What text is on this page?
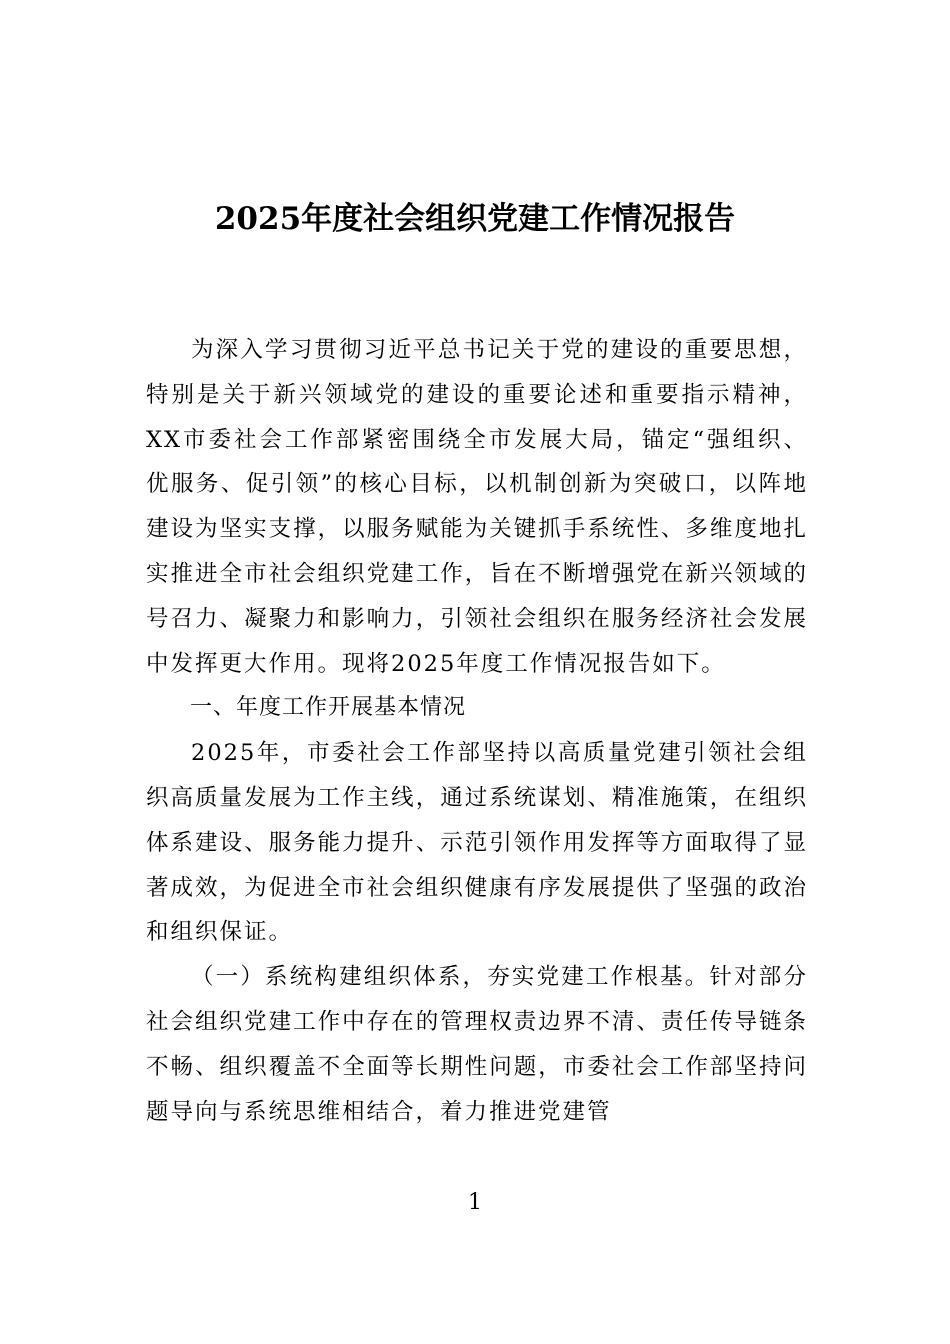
2025年度社会组织党建工作情况报告

为深入学习贯彻习近平总书记关于党的建设的重要思想，特别是关于新兴领域党的建设的重要论述和重要指示精神，XX市委社会工作部紧密围绕全市发展大局，锚定“强组织、优服务、促引领”的核心目标，以机制创新为突破口，以阵地建设为坚实支撑，以服务赋能为关键抓手系统性、多维度地扎实推进全市社会组织党建工作，旨在不断增强党在新兴领域的号召力、凝聚力和影响力，引领社会组织在服务经济社会发展中发挥更大作用。现将2025年度工作情况报告如下。

一、年度工作开展基本情况

2025年，市委社会工作部坚持以高质量党建引领社会组织高质量发展为工作主线，通过系统谋划、精准施策，在组织体系建设、服务能力提升、示范引领作用发挥等方面取得了显著成效，为促进全市社会组织健康有序发展提供了坚强的政治和组织保证。

（一）系统构建组织体系，夯实党建工作根基。针对部分社会组织党建工作中存在的管理权责边界不清、责任传导链条不畅、组织覆盖不全面等长期性问题，市委社会工作部坚持问题导向与系统思维相结合，着力推进党建管

1
